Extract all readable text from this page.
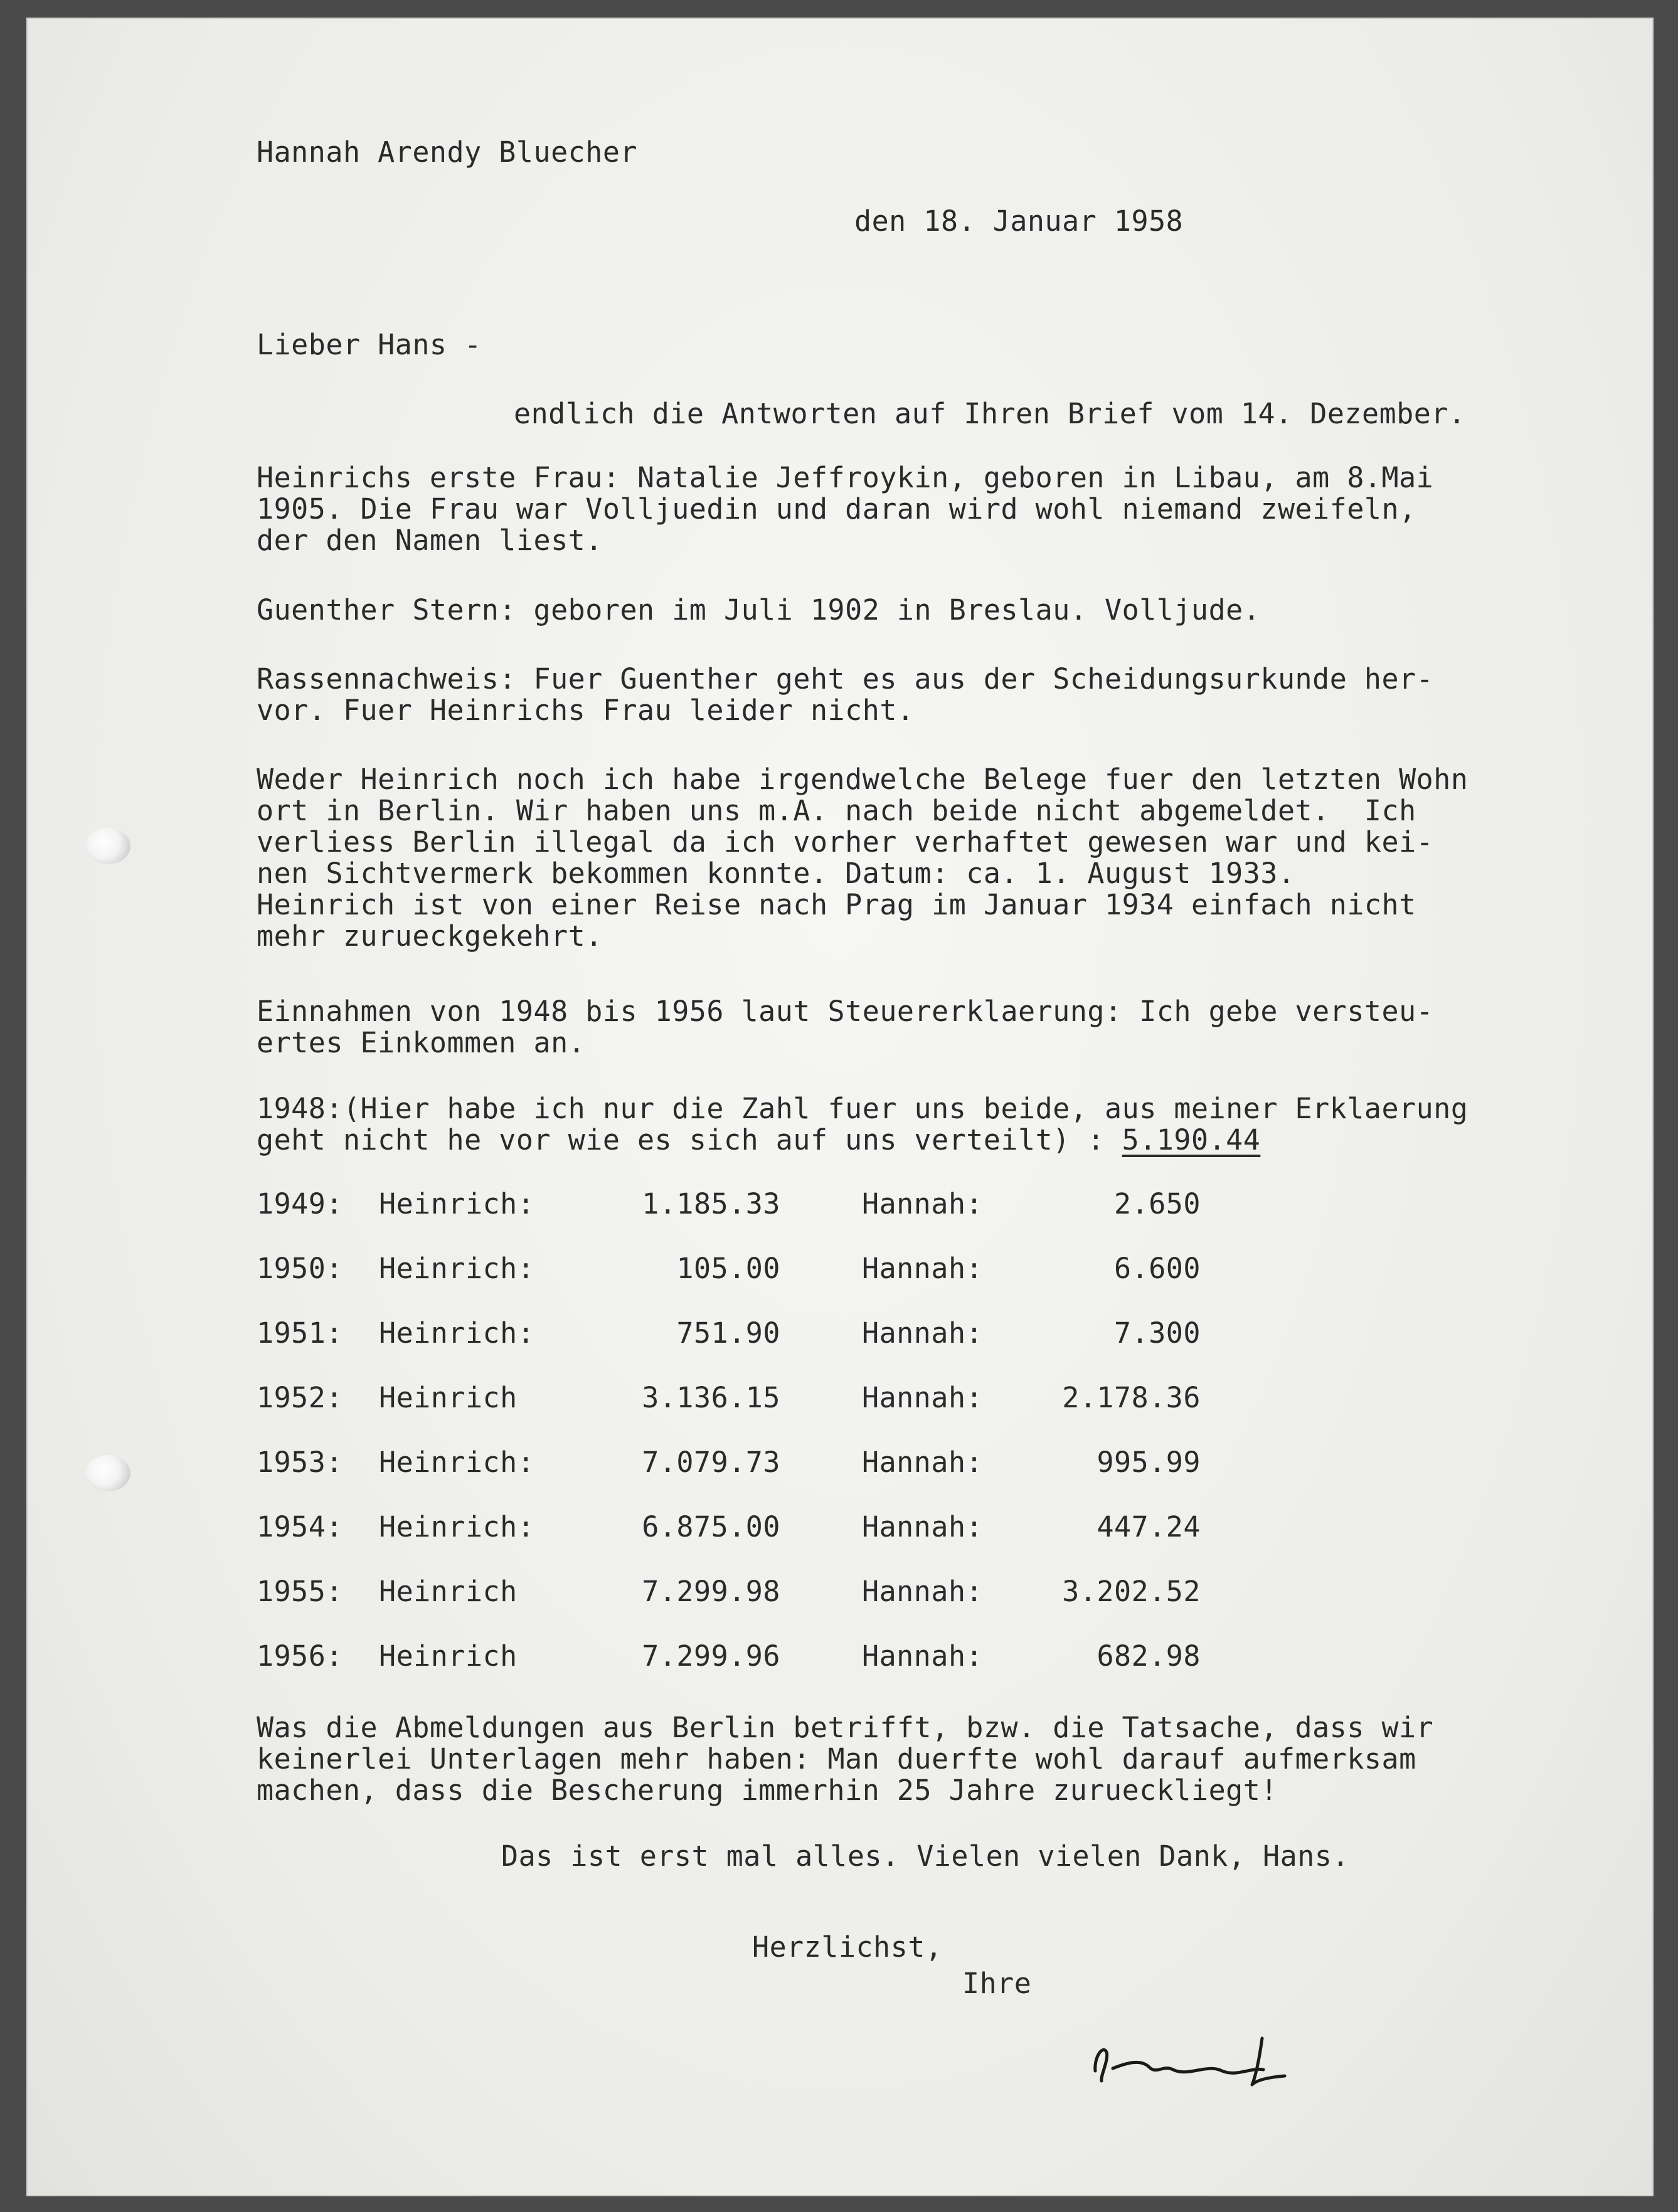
Hannah Arendy Bluecher

den 18. Januar 1958

Lieber Hans -

endlich die Antworten auf Ihren Brief vom 14. Dezember.

Heinrichs erste Frau: Natalie Jeffroykin, geboren in Libau, am 8.Mai

1905. Die Frau war Volljuedin und daran wird wohl niemand zweifeln,

der den Namen liest.

Guenther Stern: geboren im Juli 1902 in Breslau. Volljude.

Rassennachweis: Fuer Guenther geht es aus der Scheidungsurkunde her-

vor. Fuer Heinrichs Frau leider nicht.

Weder Heinrich noch ich habe irgendwelche Belege fuer den letzten Wohn

ort in Berlin. Wir haben uns m.A. nach beide nicht abgemeldet.  Ich

verliess Berlin illegal da ich vorher verhaftet gewesen war und kei-

nen Sichtvermerk bekommen konnte. Datum: ca. 1. August 1933.

Heinrich ist von einer Reise nach Prag im Januar 1934 einfach nicht

mehr zurueckgekehrt.

Einnahmen von 1948 bis 1956 laut Steuererklaerung: Ich gebe versteu-

ertes Einkommen an.

1948:(Hier habe ich nur die Zahl fuer uns beide, aus meiner Erklaerung

geht nicht he vor wie es sich auf uns verteilt) : 5.190.44

1949: Heinrich:	1.185.33	Hannah:	2.650
1950: Heinrich:	105.00	Hannah:	6.600
1951: Heinrich:	751.90	Hannah:	7.300
1952: Heinrich	3.136.15	Hannah:	2.178.36
1953: Heinrich:	7.079.73	Hannah:	995.99
1954: Heinrich:	6.875.00	Hannah:	447.24
1955: Heinrich	7.299.98	Hannah:	3.202.52
1956: Heinrich	7.299.96	Hannah:	682.98

Was die Abmeldungen aus Berlin betrifft, bzw. die Tatsache, dass wir

keinerlei Unterlagen mehr haben: Man duerfte wohl darauf aufmerksam

machen, dass die Bescherung immerhin 25 Jahre zurueckliegt!

Das ist erst mal alles. Vielen vielen Dank, Hans.

Herzlichst,

Ihre
